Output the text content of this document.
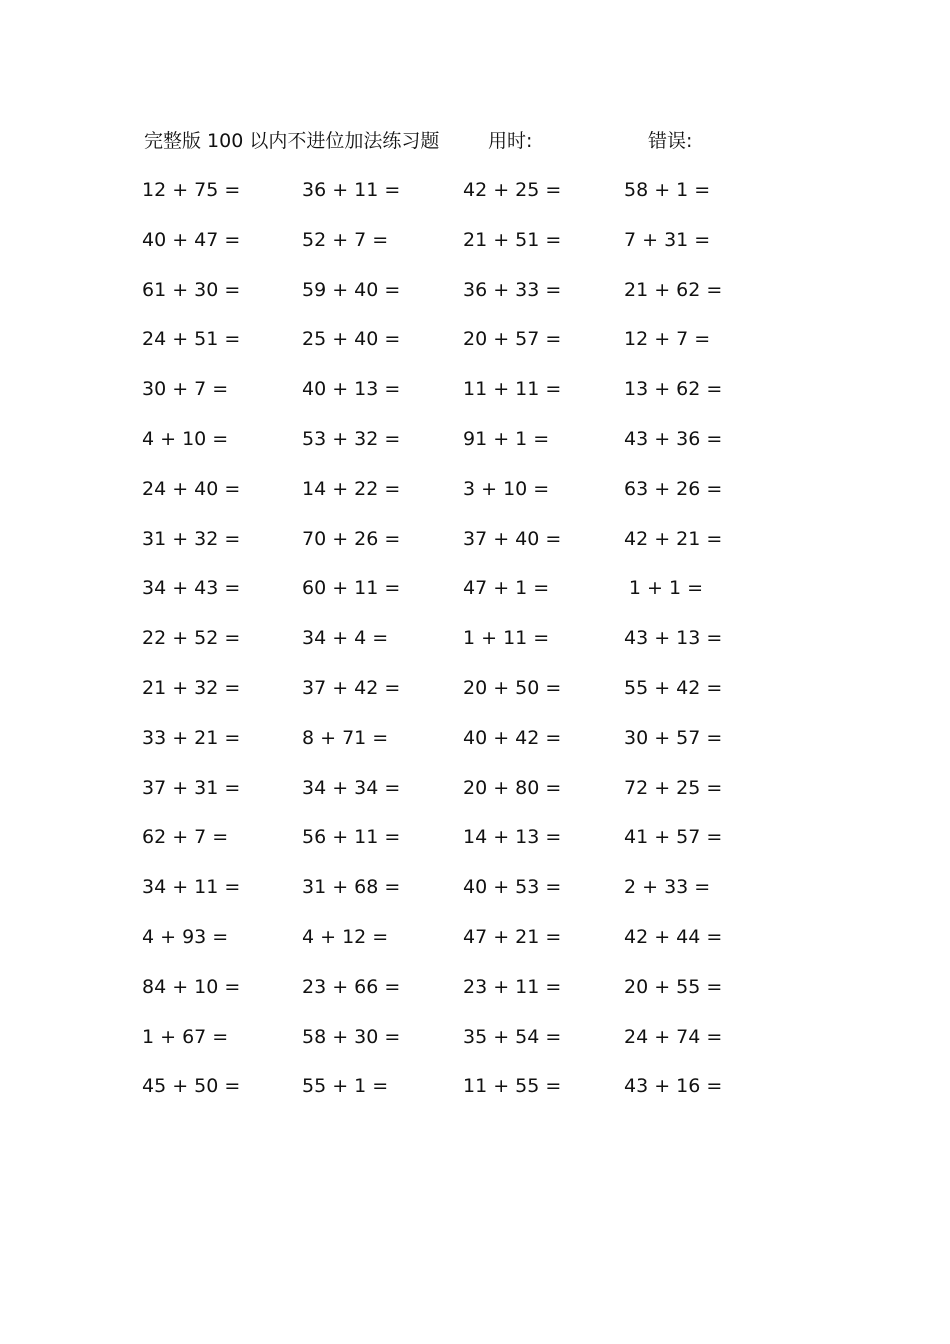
完整版 100 以内不进位加法练习题	用时:	错误:
12 + 75 =	36 + 11 =	42 + 25 =	58 + 1 =
40 + 47 =	52 + 7 =	21 + 51 =	7 + 31 =
61 + 30 =	59 + 40 =	36 + 33 =	21 + 62 =
24 + 51 =	25 + 40 =	20 + 57 =	12 + 7 =
30 + 7 =	40 + 13 =	11 + 11 =	13 + 62 =
4 + 10 =	53 + 32 =	91 + 1 =	43 + 36 =
24 + 40 =	14 + 22 =	3 + 10 =	63 + 26 =
31 + 32 =	70 + 26 =	37 + 40 =	42 + 21 =
34 + 43 =	60 + 11 =	47 + 1 =	1 + 1 =
22 + 52 =	34 + 4 =	1 + 11 =	43 + 13 =
21 + 32 =	37 + 42 =	20 + 50 =	55 + 42 =
33 + 21 =	8 + 71 =	40 + 42 =	30 + 57 =
37 + 31 =	34 + 34 =	20 + 80 =	72 + 25 =
62 + 7 =	56 + 11 =	14 + 13 =	41 + 57 =
34 + 11 =	31 + 68 =	40 + 53 =	2 + 33 =
4 + 93 =	4 + 12 =	47 + 21 =	42 + 44 =
84 + 10 =	23 + 66 =	23 + 11 =	20 + 55 =
1 + 67 =	58 + 30 =	35 + 54 =	24 + 74 =
45 + 50 =	55 + 1 =	11 + 55 =	43 + 16 =
